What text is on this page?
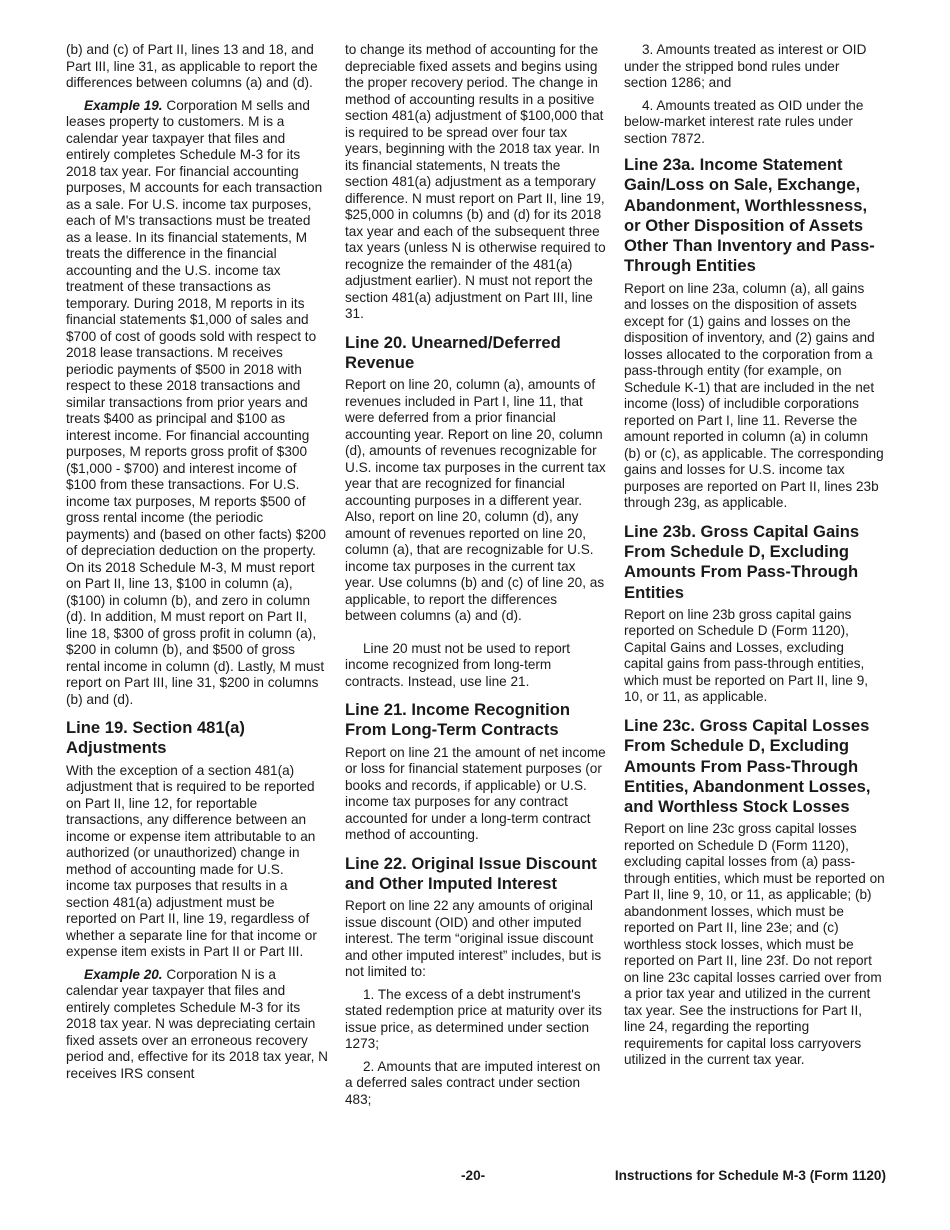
(b) and (c) of Part II, lines 13 and 18, and Part III, line 31, as applicable to report the differences between columns (a) and (d).

Example 19. Corporation M sells and leases property to customers. M is a calendar year taxpayer that files and entirely completes Schedule M-3 for its 2018 tax year. For financial accounting purposes, M accounts for each transaction as a sale. For U.S. income tax purposes, each of M's transactions must be treated as a lease. In its financial statements, M treats the difference in the financial accounting and the U.S. income tax treatment of these transactions as temporary. During 2018, M reports in its financial statements $1,000 of sales and $700 of cost of goods sold with respect to 2018 lease transactions. M receives periodic payments of $500 in 2018 with respect to these 2018 transactions and similar transactions from prior years and treats $400 as principal and $100 as interest income. For financial accounting purposes, M reports gross profit of $300 ($1,000 - $700) and interest income of $100 from these transactions. For U.S. income tax purposes, M reports $500 of gross rental income (the periodic payments) and (based on other facts) $200 of depreciation deduction on the property. On its 2018 Schedule M-3, M must report on Part II, line 13, $100 in column (a), ($100) in column (b), and zero in column (d). In addition, M must report on Part II, line 18, $300 of gross profit in column (a), $200 in column (b), and $500 of gross rental income in column (d). Lastly, M must report on Part III, line 31, $200 in columns (b) and (d).

Line 19. Section 481(a) Adjustments

With the exception of a section 481(a) adjustment that is required to be reported on Part II, line 12, for reportable transactions, any difference between an income or expense item attributable to an authorized (or unauthorized) change in method of accounting made for U.S. income tax purposes that results in a section 481(a) adjustment must be reported on Part II, line 19, regardless of whether a separate line for that income or expense item exists in Part II or Part III.

Example 20. Corporation N is a calendar year taxpayer that files and entirely completes Schedule M-3 for its 2018 tax year. N was depreciating certain fixed assets over an erroneous recovery period and, effective for its 2018 tax year, N receives IRS consent

to change its method of accounting for the depreciable fixed assets and begins using the proper recovery period. The change in method of accounting results in a positive section 481(a) adjustment of $100,000 that is required to be spread over four tax years, beginning with the 2018 tax year. In its financial statements, N treats the section 481(a) adjustment as a temporary difference. N must report on Part II, line 19, $25,000 in columns (b) and (d) for its 2018 tax year and each of the subsequent three tax years (unless N is otherwise required to recognize the remainder of the 481(a) adjustment earlier). N must not report the section 481(a) adjustment on Part III, line 31.

Line 20. Unearned/Deferred Revenue

Report on line 20, column (a), amounts of revenues included in Part I, line 11, that were deferred from a prior financial accounting year. Report on line 20, column (d), amounts of revenues recognizable for U.S. income tax purposes in the current tax year that are recognized for financial accounting purposes in a different year. Also, report on line 20, column (d), any amount of revenues reported on line 20, column (a), that are recognizable for U.S. income tax purposes in the current tax year. Use columns (b) and (c) of line 20, as applicable, to report the differences between columns (a) and (d).

Line 20 must not be used to report income recognized from long-term contracts. Instead, use line 21.

Line 21. Income Recognition From Long-Term Contracts

Report on line 21 the amount of net income or loss for financial statement purposes (or books and records, if applicable) or U.S. income tax purposes for any contract accounted for under a long-term contract method of accounting.

Line 22. Original Issue Discount and Other Imputed Interest

Report on line 22 any amounts of original issue discount (OID) and other imputed interest. The term “original issue discount and other imputed interest” includes, but is not limited to:

1. The excess of a debt instrument's stated redemption price at maturity over its issue price, as determined under section 1273;

2. Amounts that are imputed interest on a deferred sales contract under section 483;

3. Amounts treated as interest or OID under the stripped bond rules under section 1286; and

4. Amounts treated as OID under the below-market interest rate rules under section 7872.

Line 23a. Income Statement Gain/Loss on Sale, Exchange, Abandonment, Worthlessness, or Other Disposition of Assets Other Than Inventory and Pass-Through Entities

Report on line 23a, column (a), all gains and losses on the disposition of assets except for (1) gains and losses on the disposition of inventory, and (2) gains and losses allocated to the corporation from a pass-through entity (for example, on Schedule K-1) that are included in the net income (loss) of includible corporations reported on Part I, line 11. Reverse the amount reported in column (a) in column (b) or (c), as applicable. The corresponding gains and losses for U.S. income tax purposes are reported on Part II, lines 23b through 23g, as applicable.

Line 23b. Gross Capital Gains From Schedule D, Excluding Amounts From Pass-Through Entities

Report on line 23b gross capital gains reported on Schedule D (Form 1120), Capital Gains and Losses, excluding capital gains from pass-through entities, which must be reported on Part II, line 9, 10, or 11, as applicable.

Line 23c. Gross Capital Losses From Schedule D, Excluding Amounts From Pass-Through Entities, Abandonment Losses, and Worthless Stock Losses

Report on line 23c gross capital losses reported on Schedule D (Form 1120), excluding capital losses from (a) pass-through entities, which must be reported on Part II, line 9, 10, or 11, as applicable; (b) abandonment losses, which must be reported on Part II, line 23e; and (c) worthless stock losses, which must be reported on Part II, line 23f. Do not report on line 23c capital losses carried over from a prior tax year and utilized in the current tax year. See the instructions for Part II, line 24, regarding the reporting requirements for capital loss carryovers utilized in the current tax year.

-20-	Instructions for Schedule M-3 (Form 1120)
